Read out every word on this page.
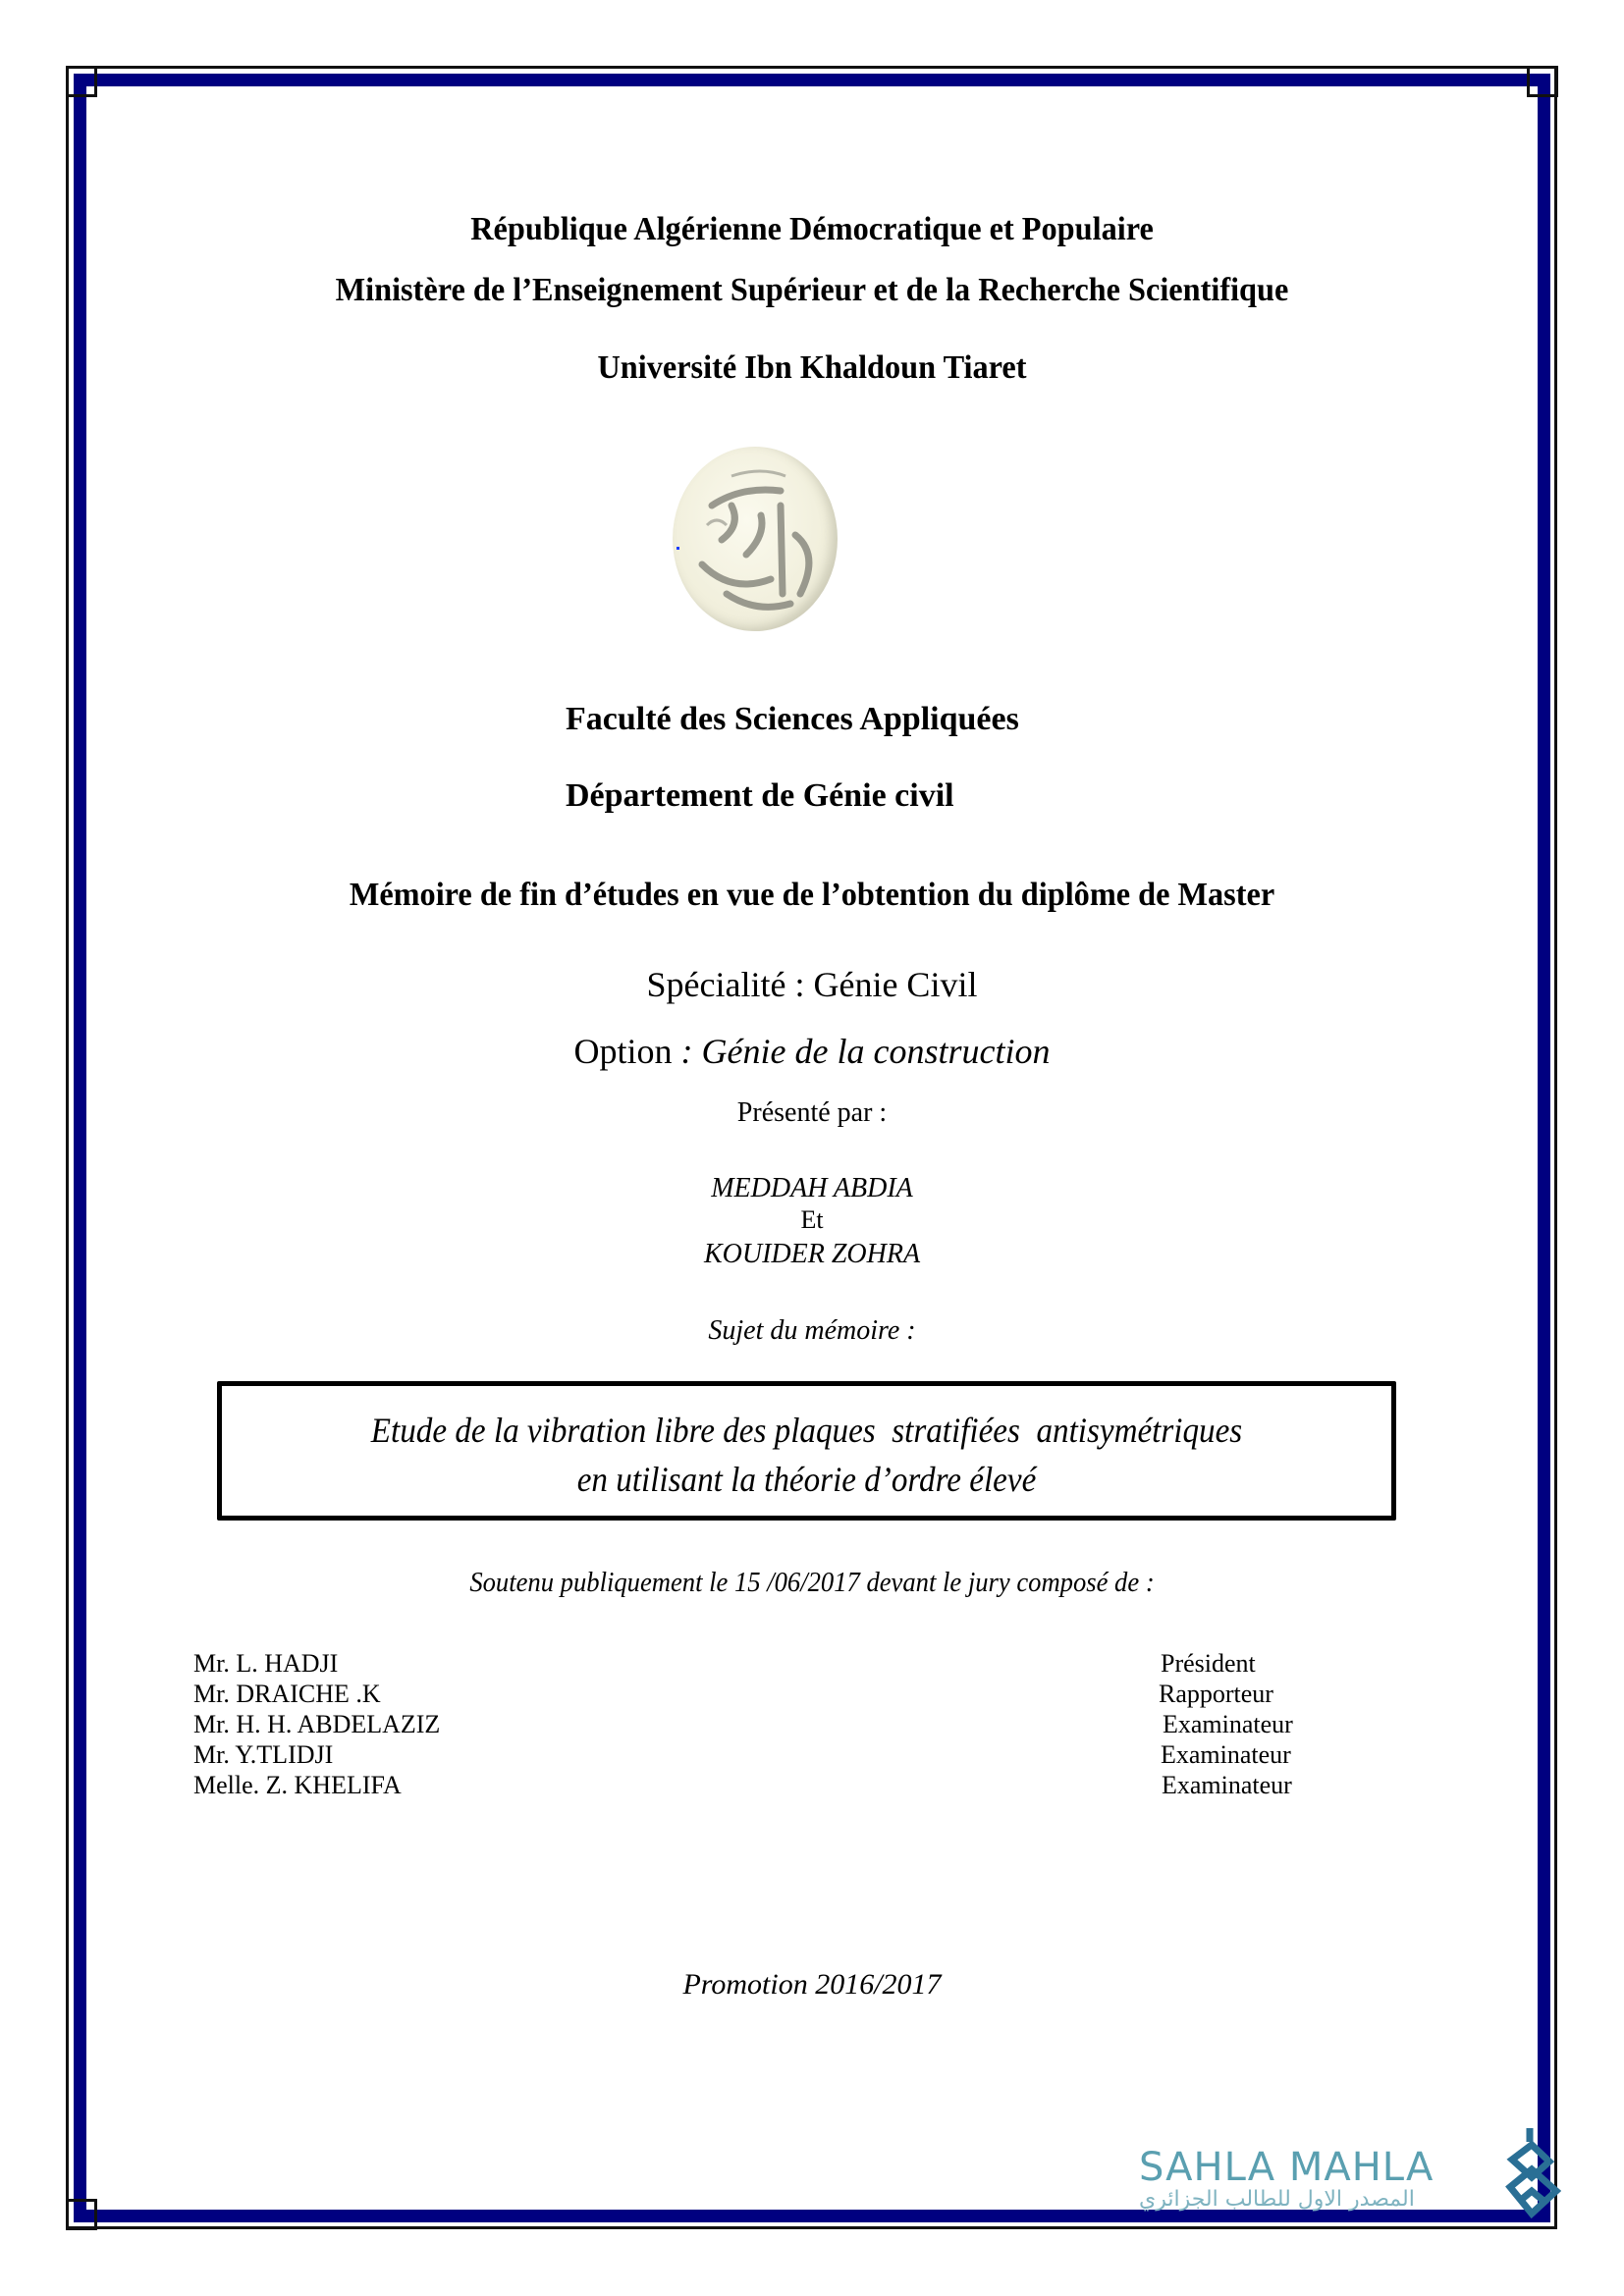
République Algérienne Démocratique et Populaire
Ministère de l’Enseignement Supérieur et de la Recherche Scientifique
Université Ibn Khaldoun Tiaret
Faculté des Sciences Appliquées
Département de Génie civil
Mémoire de fin d’études en vue de l’obtention du diplôme de Master
Spécialité : Génie Civil
Option : Génie de la construction
Présenté par :
MEDDAH ABDIA
Et
KOUIDER ZOHRA
Sujet du mémoire :
Etude de la vibration libre des plaques  stratifiées  antisymétriques
en utilisant la théorie d’ordre élevé
Soutenu publiquement le 15 /06/2017 devant le jury composé de :
Mr. L. HADJI	Président
Mr. DRAICHE .K	Rapporteur
Mr. H. H. ABDELAZIZ	Examinateur
Mr. Y.TLIDJI	Examinateur
Melle. Z. KHELIFA	Examinateur
Promotion 2016/2017
SAHLA MAHLA
المصدر الاول للطالب الجزائري
